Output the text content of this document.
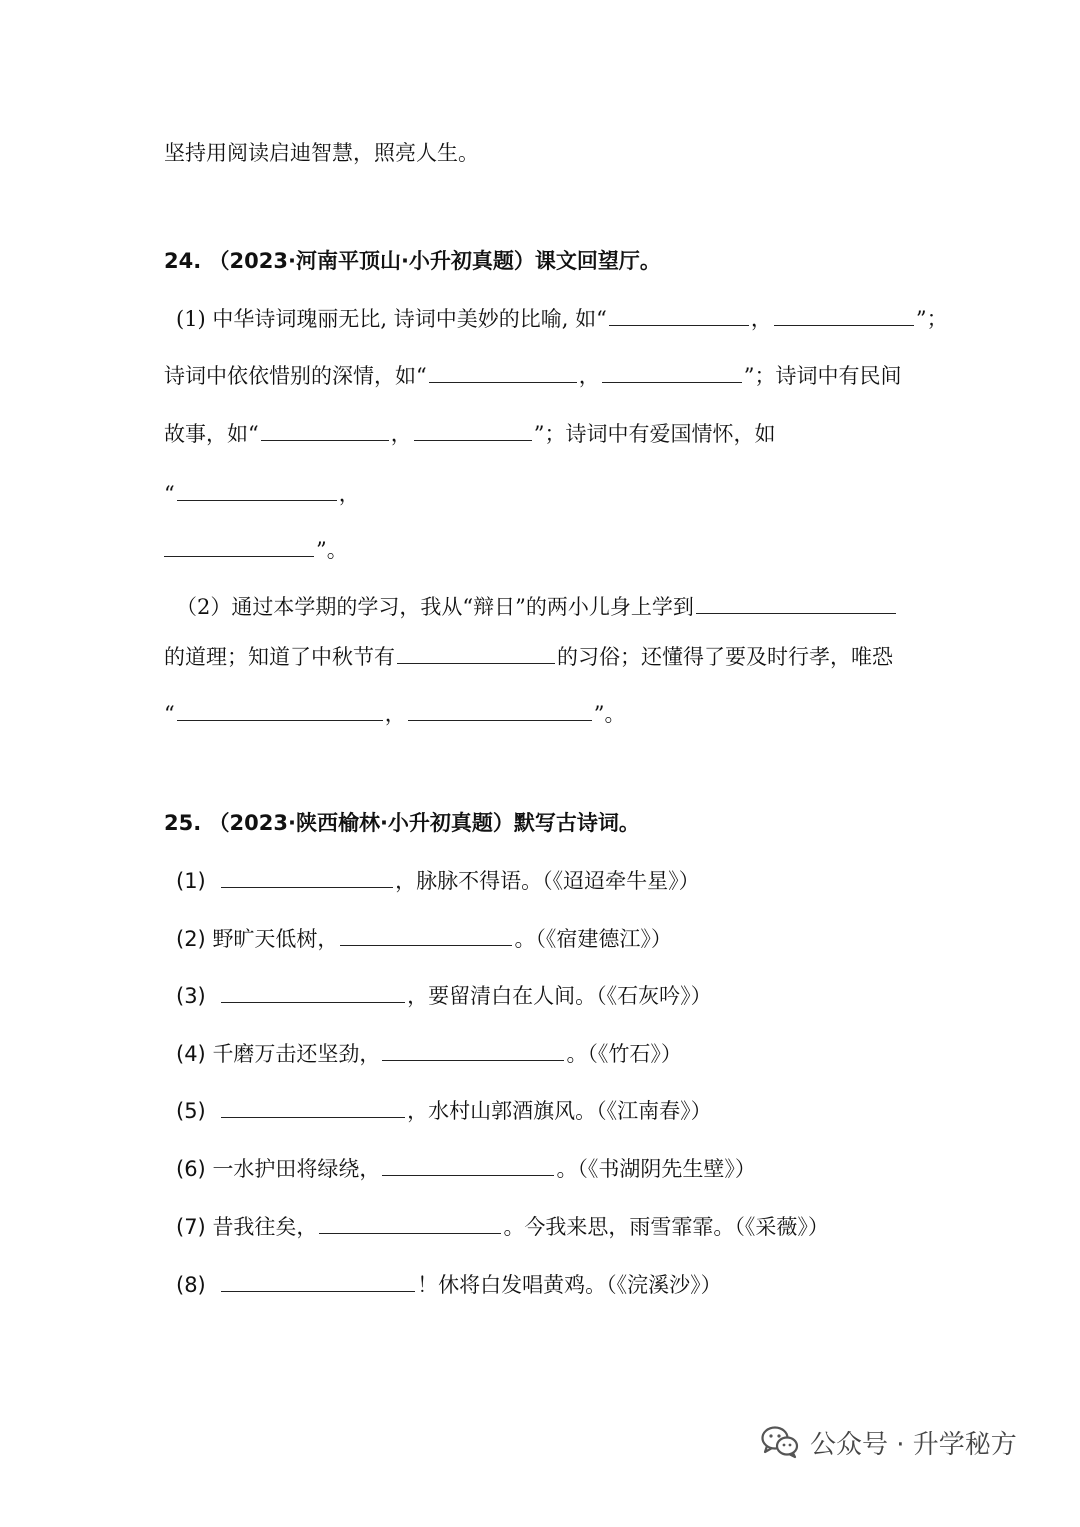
坚持用阅读启迪智慧，照亮人生。
24. （2023·河南平顶山·小升初真题）课文回望厅。
(1) 中华诗词瑰丽无比, 诗词中美妙的比喻, 如“	，	”；
诗词中依依惜别的深情，如“	，	”；诗词中有民间
故事，如“	，	”；诗词中有爱国情怀，如
“	，
”。
（2）通过本学期的学习，我从“辩日”的两小儿身上学到
的道理；知道了中秋节有	的习俗；还懂得了要及时行孝，唯恐
“	，	”。
25. （2023·陕西榆林·小升初真题）默写古诗词。
(1)	，脉脉不得语。（《迢迢牵牛星》）
(2) 野旷天低树，	。（《宿建德江》）
(3)	，要留清白在人间。（《石灰吟》）
(4) 千磨万击还坚劲，	。（《竹石》）
(5)	，水村山郭酒旗风。（《江南春》）
(6) 一水护田将绿绕，	。（《书湖阴先生壁》）
(7) 昔我往矣，	。今我来思，雨雪霏霏。（《采薇》）
(8)	！休将白发唱黄鸡。（《浣溪沙》）
公众号 · 升学秘方
